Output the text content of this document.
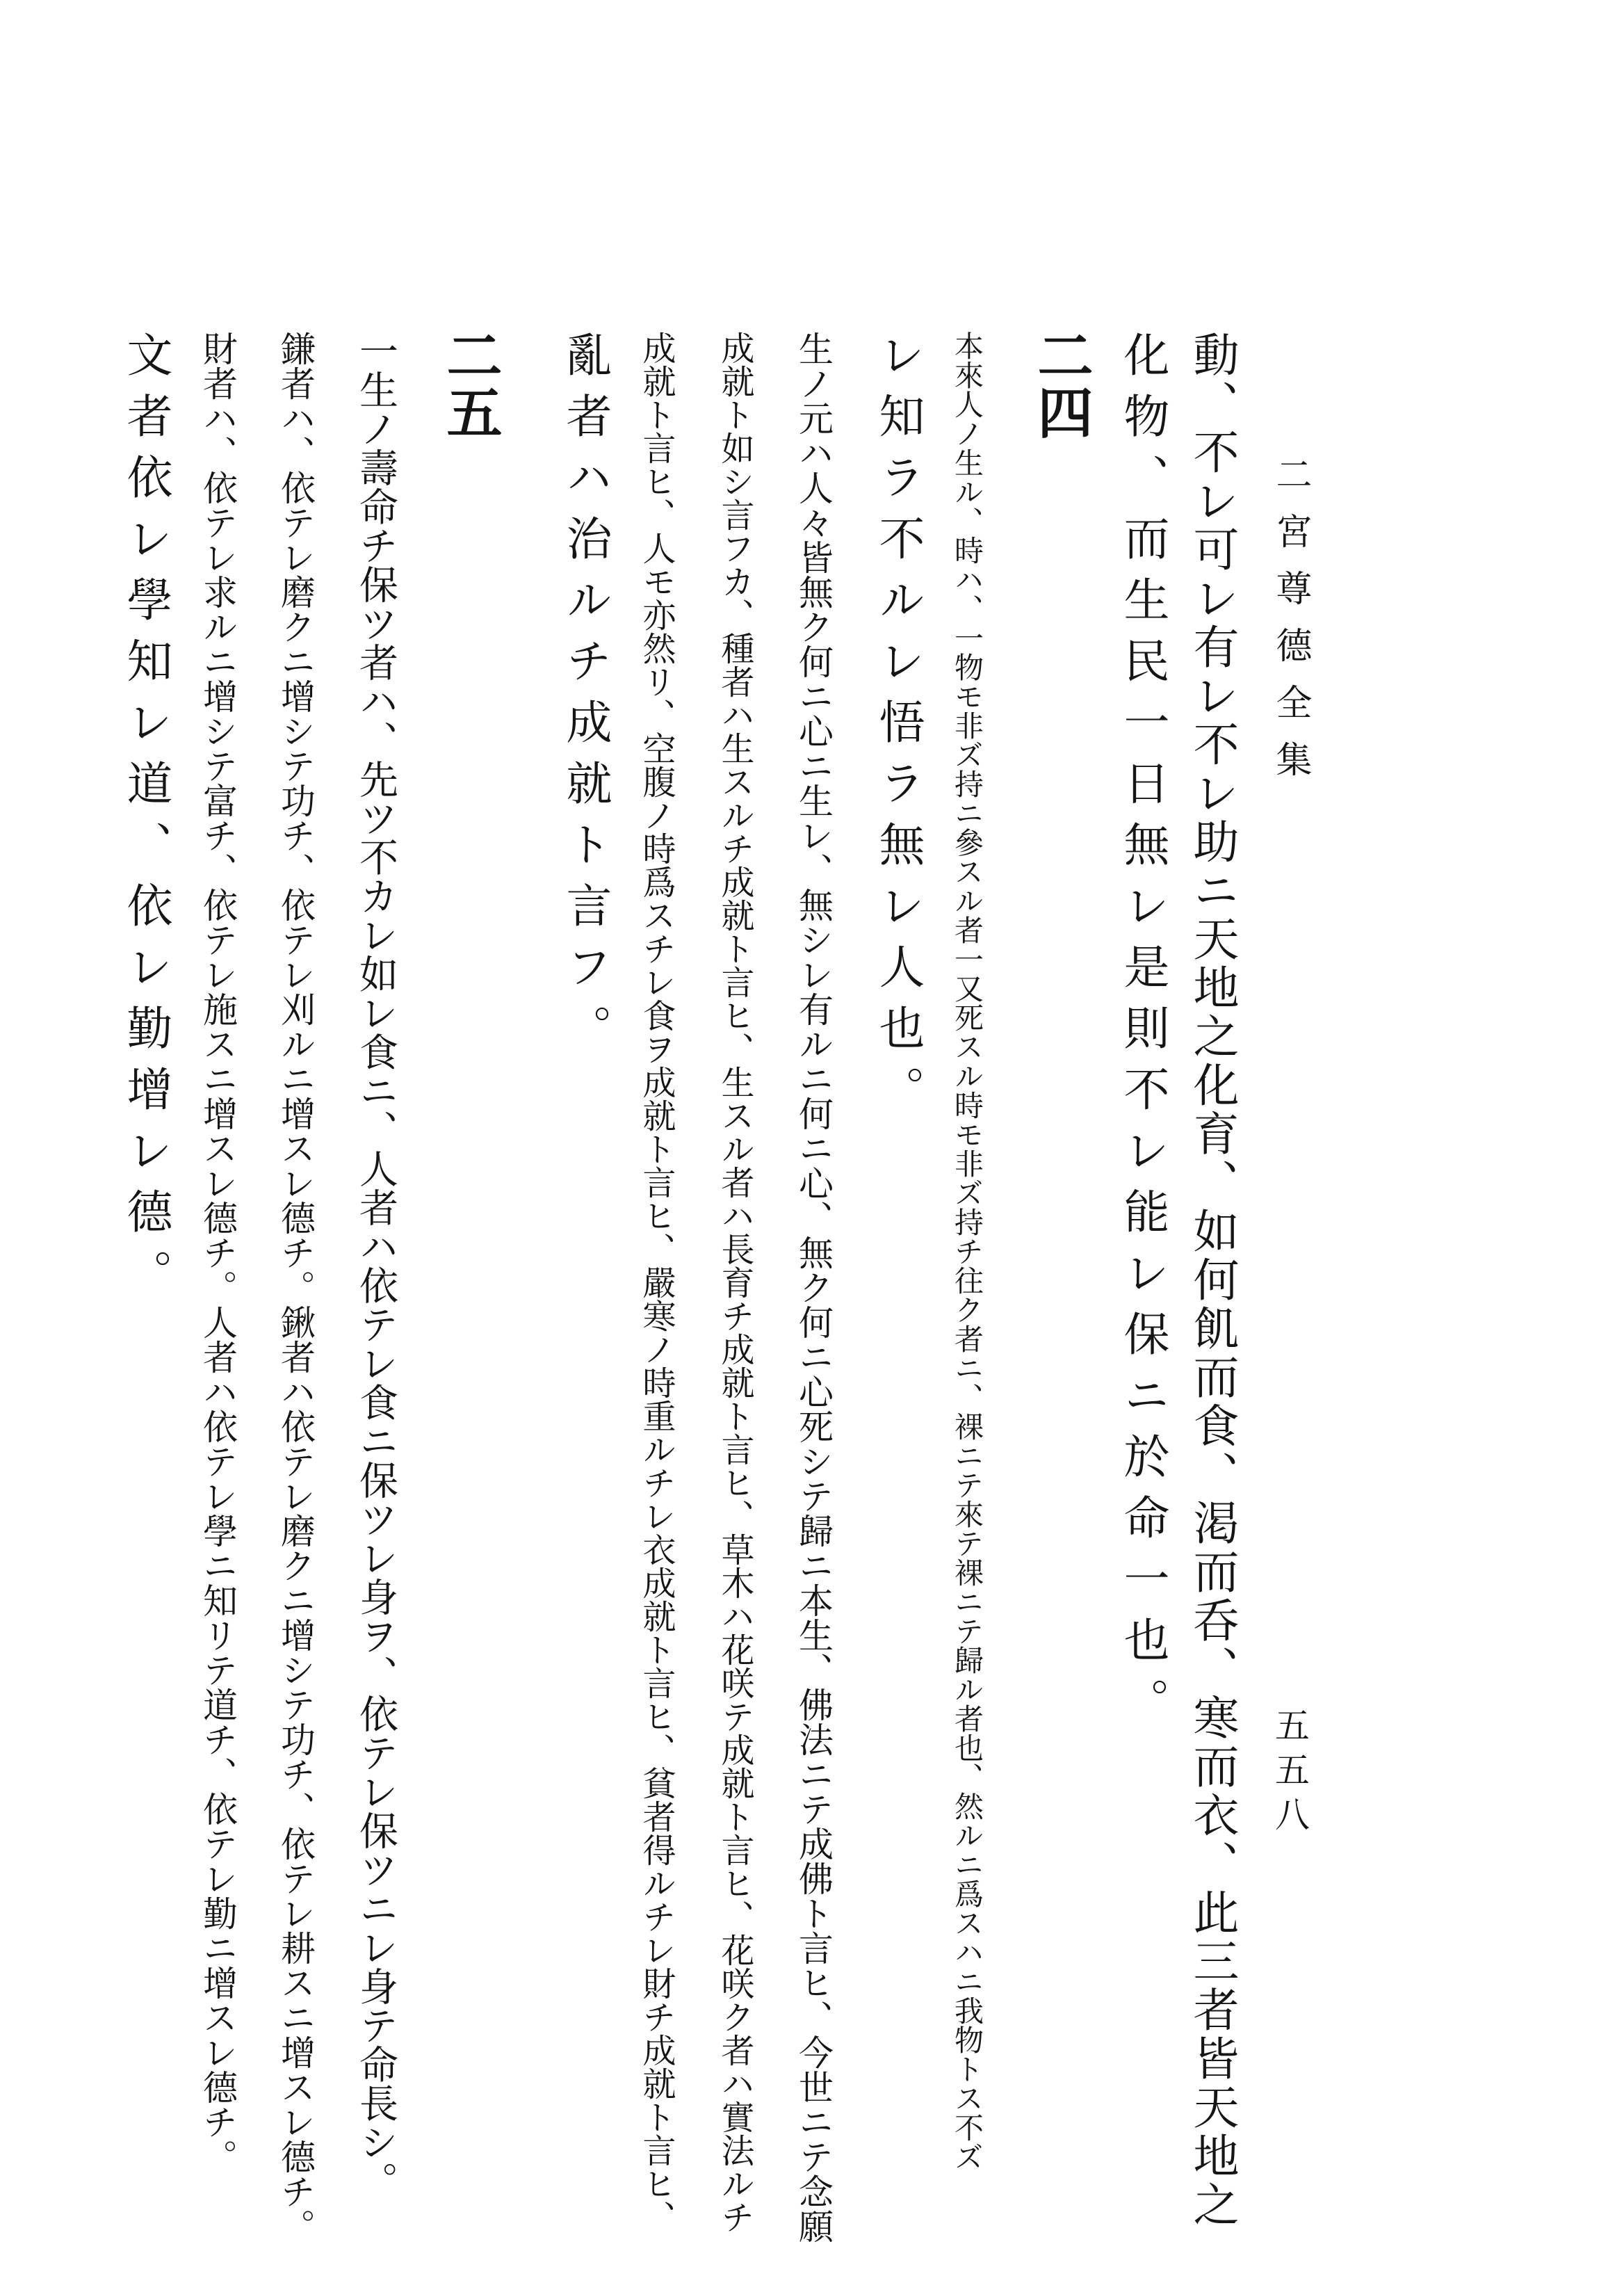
二宮尊德全集
五五八
動、不レ可レ有レ不レ助ニ天地之化育、如何飢而食、渇而呑、寒而衣、此三者皆天地之
化物、而生民一日無レ是則不レ能レ保ニ於命一也。
二四
本來人ノ生ル、時ハ、一物モ非ズ持ニ參スル者一又死スル時モ非ズ持チ往ク者ニ、裸ニテ來テ裸ニテ歸ル者也、然ルニ爲スハニ我物トス不ズ
レ知ラ不ルレ悟ラ無レ人也。
生ノ元ハ人々皆無ク何ニ心ニ生レ、無シレ有ルニ何ニ心、無ク何ニ心死シテ歸ニ本生、佛法ニテ成佛ト言ヒ、今世ニテ念願
成就ト如シ言フカ、種者ハ生スルチ成就ト言ヒ、生スル者ハ長育チ成就ト言ヒ、草木ハ花咲テ成就ト言ヒ、花咲ク者ハ實法ルチ
成就ト言ヒ、人モ亦然リ、空腹ノ時爲スチレ食ヲ成就ト言ヒ、嚴寒ノ時重ルチレ衣成就ト言ヒ、貧者得ルチレ財チ成就ト言ヒ、
亂者ハ治ルチ成就ト言フ。
二五
一生ノ壽命チ保ツ者ハ、先ツ不カレ如レ食ニ、人者ハ依テレ食ニ保ツレ身ヲ、依テレ保ツニレ身テ命長シ。
鎌者ハ、依テレ磨クニ增シテ功チ、依テレ刈ルニ增スレ德チ。鍬者ハ依テレ磨クニ增シテ功チ、依テレ耕スニ增スレ德チ。
財者ハ、依テレ求ルニ增シテ富チ、依テレ施スニ增スレ德チ。人者ハ依テレ學ニ知リテ道チ、依テレ勤ニ增スレ德チ。
文者依レ學知レ道、依レ勤增レ德。
